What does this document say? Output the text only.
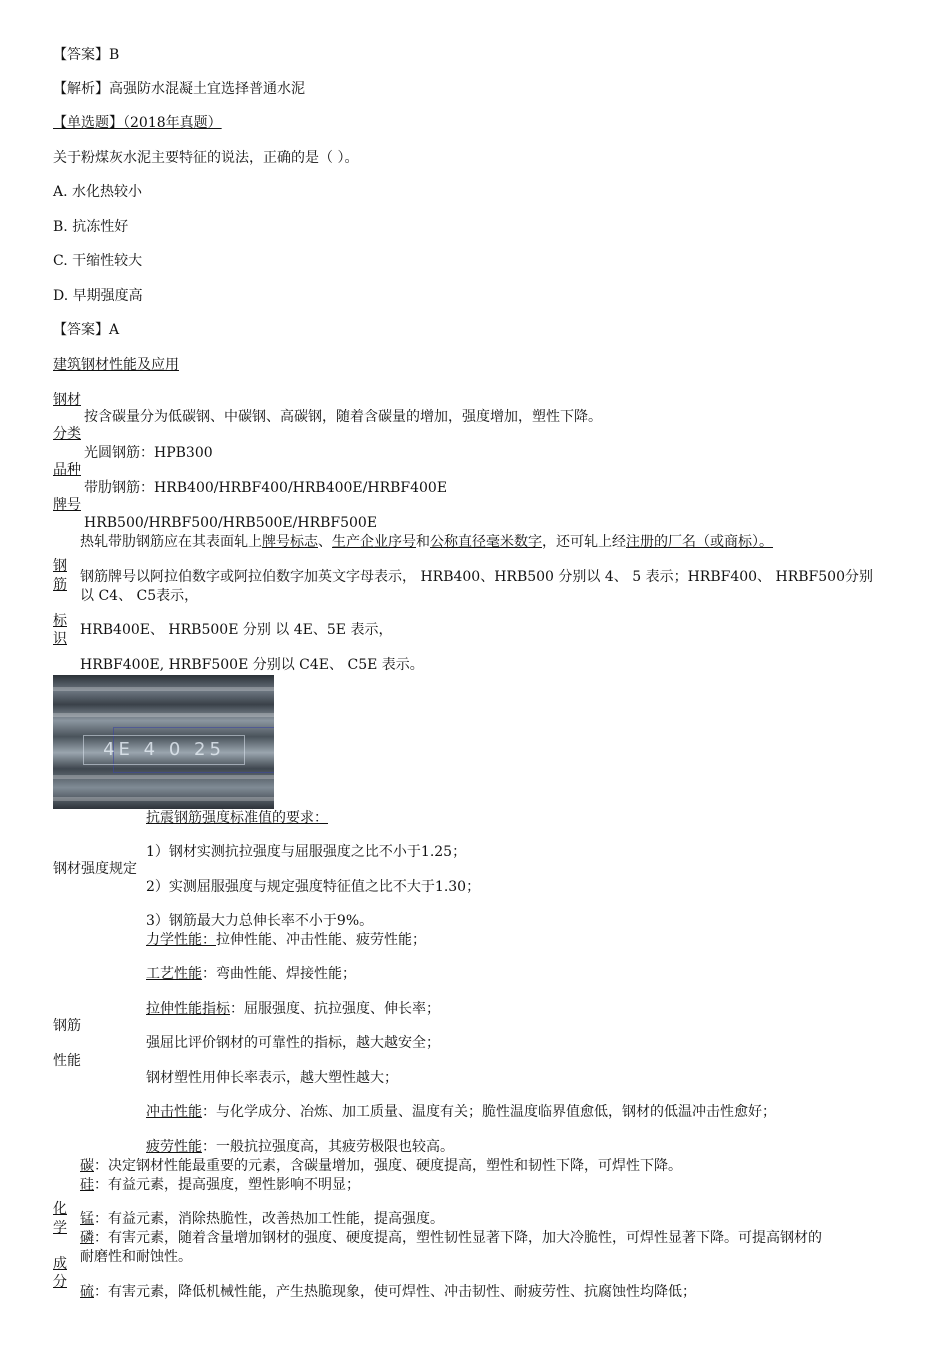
【答案】B
【解析】高强防水混凝土宜选择普通水泥
【单选题】（2018年真题）
关于粉煤灰水泥主要特征的说法，正确的是（ ）。
A. 水化热较小
B. 抗冻性好
C. 干缩性较大
D. 早期强度高
【答案】A
建筑钢材性能及应用
钢材
按含碳量分为低碳钢、中碳钢、高碳钢，随着含碳量的增加，强度增加，塑性下降。
分类
光圆钢筋：HPB300
品种
带肋钢筋：HRB400/HRBF400/HRB400E/HRBF400E
牌号
HRB500/HRBF500/HRB500E/HRBF500E
热轧带肋钢筋应在其表面轧上牌号标志、生产企业序号和公称直径毫米数字，还可轧上经注册的厂名（或商标）。
钢
筋
标
识
钢筋牌号以阿拉伯数字或阿拉伯数字加英文字母表示， HRB400、HRB500 分别以 4、 5 表示；HRBF400、 HRBF500分别
以 C4、 C5表示，
HRB400E、 HRB500E 分别 以 4E、5E 表示，
HRBF400E, HRBF500E 分别以 C4E、 C5E 表示。
4E 4 0 25
抗震钢筋强度标准值的要求：
1）钢材实测抗拉强度与屈服强度之比不小于1.25；
钢材强度规定
2）实测屈服强度与规定强度特征值之比不大于1.30；
3）钢筋最大力总伸长率不小于9%。
力学性能：拉伸性能、冲击性能、疲劳性能；
工艺性能：弯曲性能、焊接性能；
拉伸性能指标：屈服强度、抗拉强度、伸长率；
钢筋
强屈比评价钢材的可靠性的指标，越大越安全；
性能
钢材塑性用伸长率表示，越大塑性越大；
冲击性能：与化学成分、冶炼、加工质量、温度有关；脆性温度临界值愈低，钢材的低温冲击性愈好；
疲劳性能：一般抗拉强度高，其疲劳极限也较高。
碳：决定钢材性能最重要的元素，含碳量增加，强度、硬度提高，塑性和韧性下降，可焊性下降。
硅：有益元素，提高强度，塑性影响不明显；
化
学
成
分
锰：有益元素，消除热脆性，改善热加工性能，提高强度。
磷：有害元素，随着含量增加钢材的强度、硬度提高，塑性韧性显著下降，加大冷脆性，可焊性显著下降。可提高钢材的
耐磨性和耐蚀性。
硫：有害元素，降低机械性能，产生热脆现象，使可焊性、冲击韧性、耐疲劳性、抗腐蚀性均降低；
